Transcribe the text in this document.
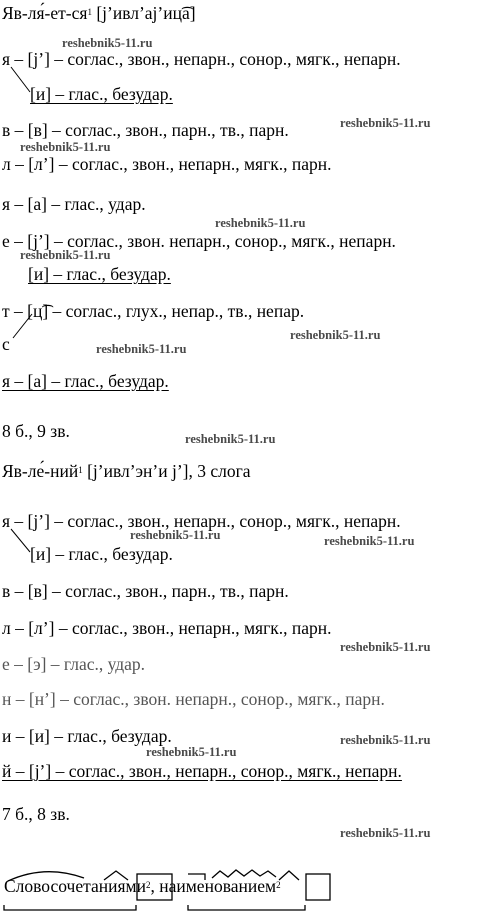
$Яв-ля́-ет-ся^1$ [j’ивл’аj’иц͡а]
я – [j’] – соглас., звон., непарн., сонор., мягк., непарн.
[и] – глас., безудар.
в – [в] – соглас., звон., парн., тв., парн.
л – [л’] – соглас., звон., непарн., мягк., парн.
я – [а] – глас., удар.
е – [j’] – соглас., звон. непарн., сонор., мягк., непарн.
[и] – глас., безудар.
т – [ц͡] – соглас., глух., непар., тв., непар.
с
я – [а] – глас., безудар.
8 б., 9 зв.
Яв-ле́-ний$^1$ [j’ивл’эн’и j’], 3 слога
я – [j’] – соглас., звон., непарн., сонор., мягк., непарн.
[и] – глас., безудар.
в – [в] – соглас., звон., парн., тв., парн.
л – [л’] – соглас., звон., непарн., мягк., парн.
е – [э] – глас., удар.
н – [н’] – соглас., звон. непарн., сонор., мягк., парн.
и – [и] – глас., безудар.
й – [j’] – соглас., звон., непарн., сонор., мягк., непарн.
7 б., 8 зв.
Словосочетаниями$^2$, наименованием$^2$
reshebnik5-11.ru
reshebnik5-11.ru
reshebnik5-11.ru
reshebnik5-11.ru
reshebnik5-11.ru
reshebnik5-11.ru
reshebnik5-11.ru
reshebnik5-11.ru
reshebnik5-11.ru	reshebnik5-11.ru
reshebnik5-11.ru
reshebnik5-11.ru
reshebnik5-11.ru
reshebnik5-11.ru
